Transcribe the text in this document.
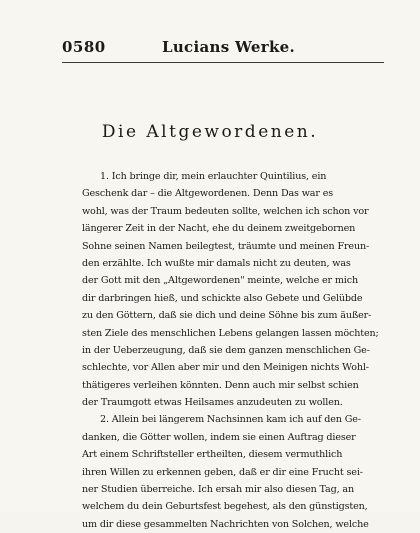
0580	Lucians Werke.
Die Altgewordenen.
1. Ich bringe dir, mein erlauchter Quintilius, ein
Geschenk dar – die Altgewordenen. Denn Das war es
wohl, was der Traum bedeuten sollte, welchen ich schon vor
längerer Zeit in der Nacht, ehe du deinem zweitgebornen
Sohne seinen Namen beilegtest, träumte und meinen Freun-
den erzählte. Ich wußte mir damals nicht zu deuten, was
der Gott mit den „Altgewordenen" meinte, welche er mich
dir darbringen hieß, und schickte also Gebete und Gelübde
zu den Göttern, daß sie dich und deine Söhne bis zum äußer-
sten Ziele des menschlichen Lebens gelangen lassen möchten;
in der Ueberzeugung, daß sie dem ganzen menschlichen Ge-
schlechte, vor Allen aber mir und den Meinigen nichts Wohl-
thätigeres verleihen könnten. Denn auch mir selbst schien
der Traumgott etwas Heilsames anzudeuten zu wollen.
2. Allein bei längerem Nachsinnen kam ich auf den Ge-
danken, die Götter wollen, indem sie einen Auftrag dieser
Art einem Schriftsteller ertheilten, diesem vermuthlich
ihren Willen zu erkennen geben, daß er dir eine Frucht sei-
ner Studien überreiche. Ich ersah mir also diesen Tag, an
welchem du dein Geburtsfest begehest, als den günstigsten,
um dir diese gesammelten Nachrichten von Solchen, welche
